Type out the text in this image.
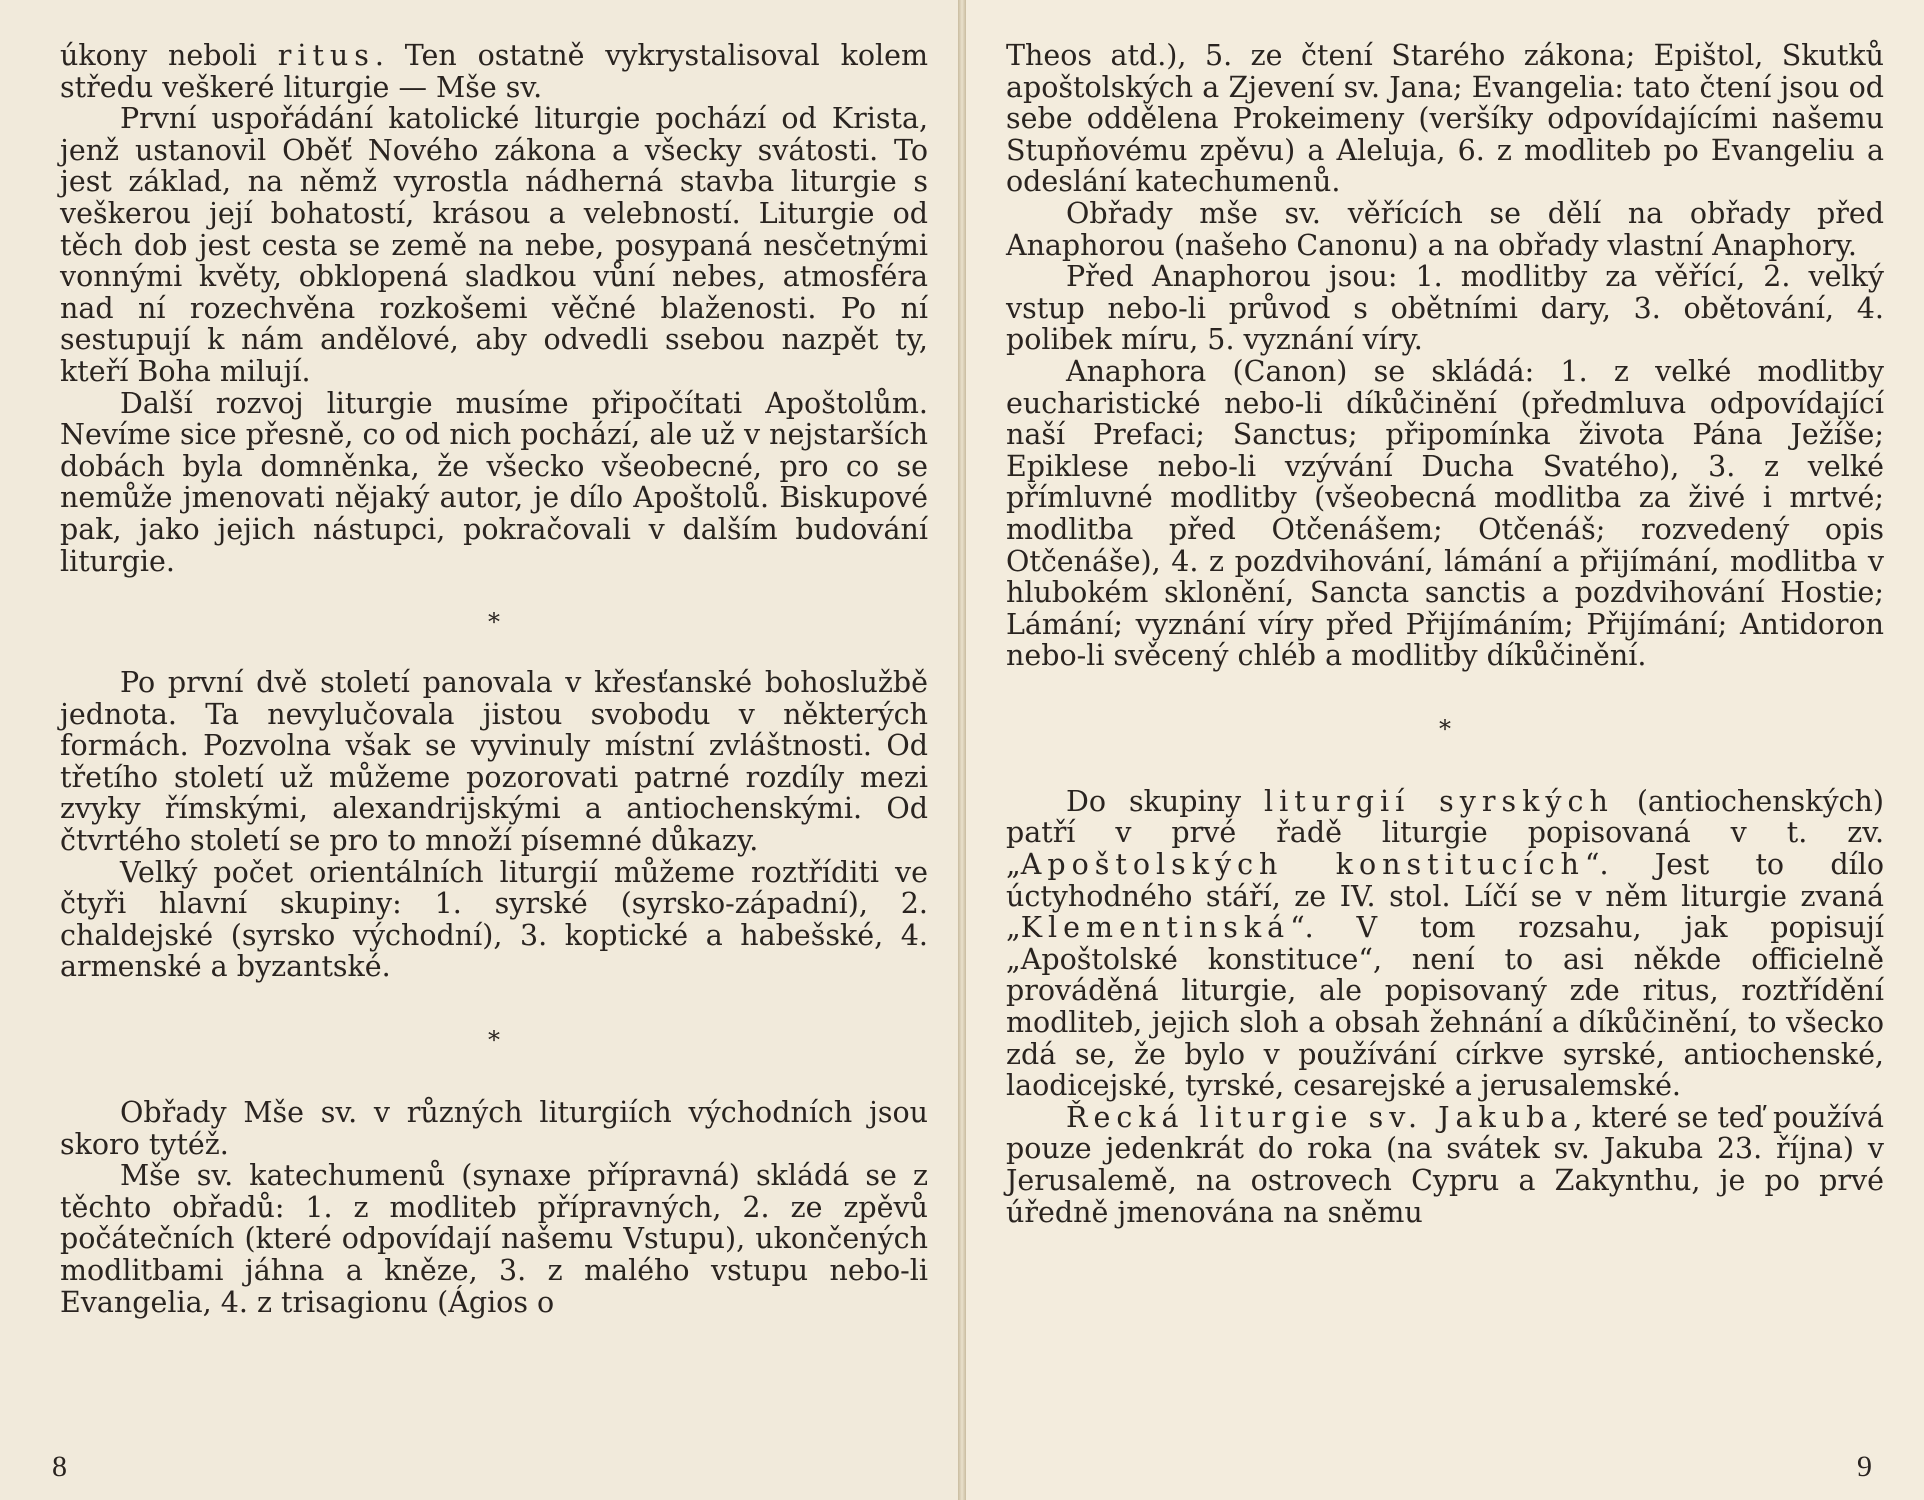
úkony neboli ritus. Ten ostatně vykrystalisoval kolem středu veškeré liturgie — Mše sv.

První uspořádání katolické liturgie pochází od Krista, jenž ustanovil Oběť Nového zákona a všecky svátosti. To jest základ, na němž vyrostla nádherná stavba liturgie s veškerou její bohatostí, krásou a velebností. Liturgie od těch dob jest cesta se země na nebe, posypaná nesčetnými vonnými květy, obklopená sladkou vůní nebes, atmosféra nad ní rozechvěna rozkošemi věčné blaženosti. Po ní sestupují k nám andělové, aby odvedli ssebou nazpět ty, kteří Boha milují.

Další rozvoj liturgie musíme připočítati Apoštolům. Nevíme sice přesně, co od nich pochází, ale už v nejstarších dobách byla domněnka, že všecko všeobecné, pro co se nemůže jmenovati nějaký autor, je dílo Apoštolů. Biskupové pak, jako jejich nástupci, pokračovali v dalším budování liturgie.

*

Po první dvě století panovala v křesťanské bohoslužbě jednota. Ta nevylučovala jistou svobodu v některých formách. Pozvolna však se vyvinuly místní zvláštnosti. Od třetího století už můžeme pozorovati patrné rozdíly mezi zvyky římskými, alexandrijskými a antiochenskými. Od čtvrtého století se pro to množí písemné důkazy.

Velký počet orientálních liturgií můžeme roztříditi ve čtyři hlavní skupiny: 1. syrské (syrsko-západní), 2. chaldejské (syrsko východní), 3. koptické a habešské, 4. armenské a byzantské.

*

Obřady Mše sv. v různých liturgiích východních jsou skoro tytéž.

Mše sv. katechumenů (synaxe přípravná) skládá se z těchto obřadů: 1. z modliteb přípravných, 2. ze zpěvů počátečních (které odpovídají našemu Vstupu), ukončených modlitbami jáhna a kněze, 3. z malého vstupu nebo-li Evangelia, 4. z trisagionu (Ágios o

8

Theos atd.), 5. ze čtení Starého zákona; Epištol, Skutků apoštolských a Zjevení sv. Jana; Evangelia: tato čtení jsou od sebe oddělena Prokeimeny (veršíky odpovídajícími našemu Stupňovému zpěvu) a Aleluja, 6. z modliteb po Evangeliu a odeslání katechumenů.

Obřady mše sv. věřících se dělí na obřady před Anaphorou (našeho Canonu) a na obřady vlastní Anaphory.

Před Anaphorou jsou: 1. modlitby za věřící, 2. velký vstup nebo-li průvod s obětními dary, 3. obětování, 4. polibek míru, 5. vyznání víry.

Anaphora (Canon) se skládá: 1. z velké modlitby eucharistické nebo-li díkůčinění (předmluva odpovídající naší Prefaci; Sanctus; připomínka života Pána Ježíše; Epiklese nebo-li vzývání Ducha Svatého), 3. z velké přímluvné modlitby (všeobecná modlitba za živé i mrtvé; modlitba před Otčenášem; Otčenáš; rozvedený opis Otčenáše), 4. z pozdvihování, lámání a přijímání, modlitba v hlubokém sklonění, Sancta sanctis a pozdvihování Hostie; Lámání; vyznání víry před Přijímáním; Přijímání; Antidoron nebo-li svěcený chléb a modlitby díkůčinění.

*

Do skupiny liturgií syrských (antiochenských) patří v prvé řadě liturgie popisovaná v t. zv. „Apoštolských konstitucích“. Jest to dílo úctyhodného stáří, ze IV. stol. Líčí se v něm liturgie zvaná „Klementinská“. V tom rozsahu, jak popisují „Apoštolské konstituce“, není to asi někde officielně prováděná liturgie, ale popisovaný zde ritus, roztřídění modliteb, jejich sloh a obsah žehnání a díkůčinění, to všecko zdá se, že bylo v používání církve syrské, antiochenské, laodicejské, tyrské, cesarejské a jerusalemské.

Řecká liturgie sv. Jakuba, které se teď používá pouze jedenkrát do roka (na svátek sv. Jakuba 23. října) v Jerusalemě, na ostrovech Cypru a Zakynthu, je po prvé úředně jmenována na sněmu

9
